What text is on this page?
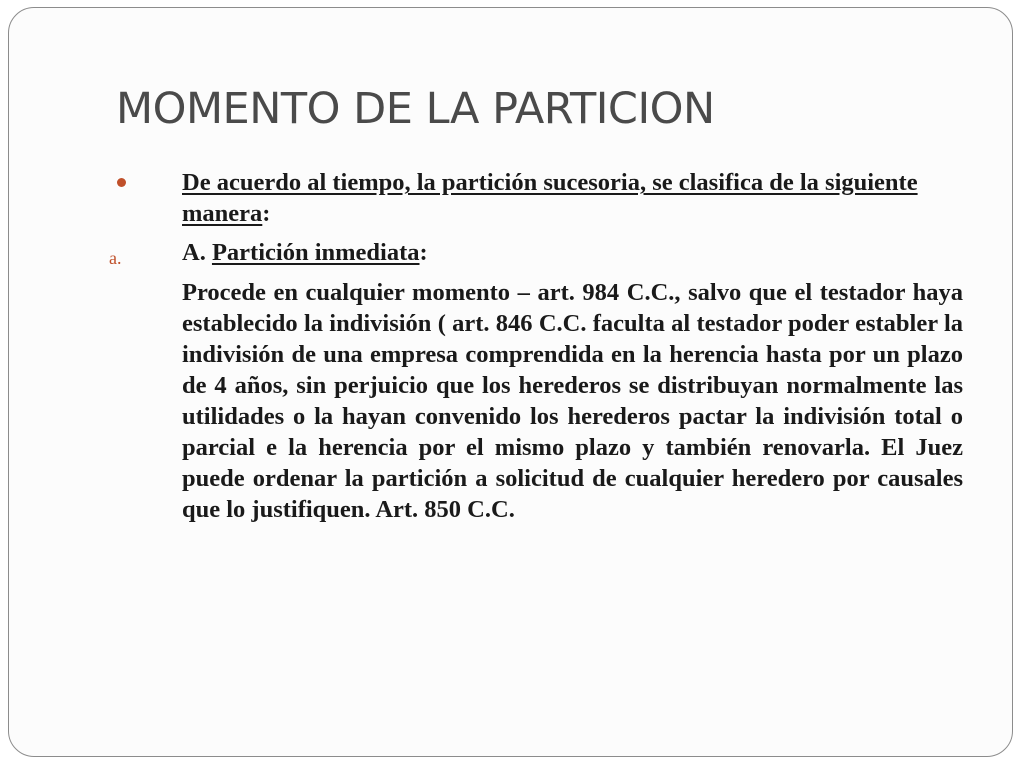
MOMENTO DE LA PARTICION

De acuerdo al tiempo, la partición sucesoria, se clasifica de la siguiente manera:

a. A. Partición inmediata:

Procede en cualquier momento – art. 984 C.C., salvo que el testador haya establecido la indivisión ( art. 846 C.C. faculta al testador poder establer la indivisión de una empresa comprendida en la herencia hasta por un plazo de 4 años, sin perjuicio que los herederos se distribuyan normalmente las utilidades o la hayan convenido los herederos pactar la indivisión total o parcial e la herencia por el mismo plazo y también renovarla. El Juez puede ordenar la partición a solicitud de cualquier heredero por causales que lo justifiquen. Art. 850 C.C.
